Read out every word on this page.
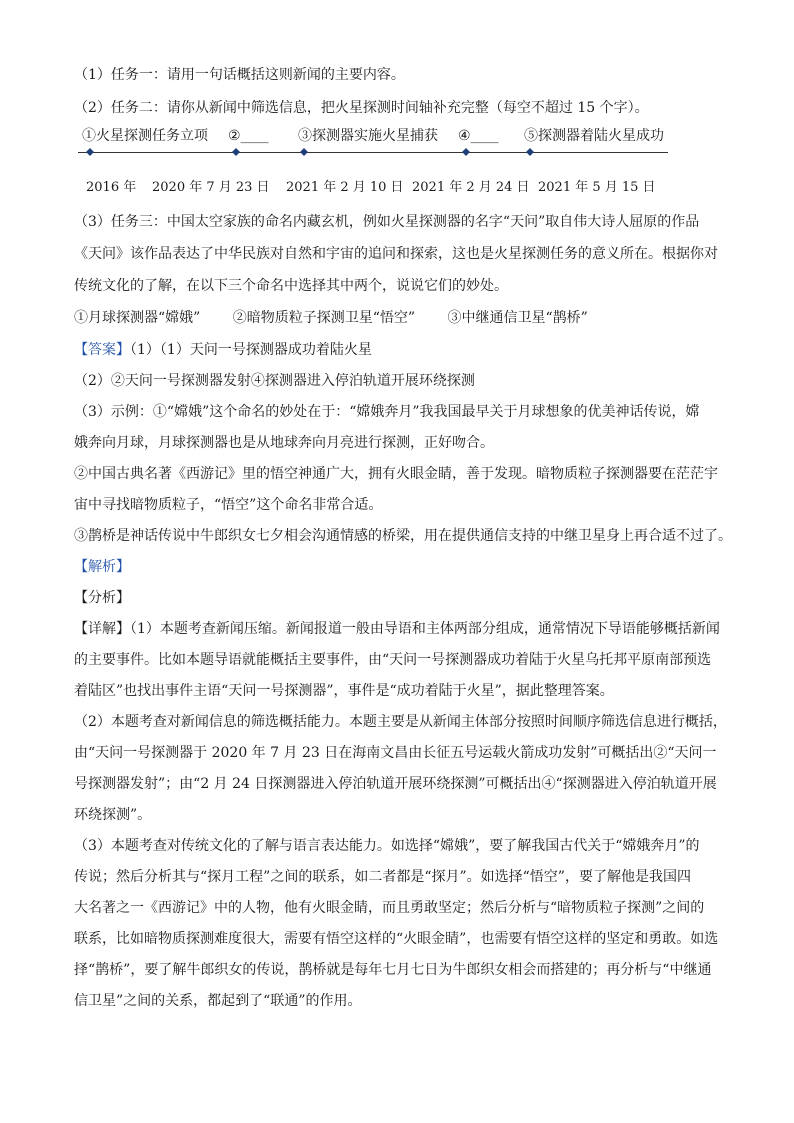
（1）任务一：请用一句话概括这则新闻的主要内容。
（2）任务二：请你从新闻中筛选信息，把火星探测时间轴补充完整（每空不超过 15 个字）。
①火星探测任务立项 ②____ ③探测器实施火星捕获 ④____ ⑤探测器着陆火星成功
2016 年 2020 年 7 月 23 日 2021 年 2 月 10 日 2021 年 2 月 24 日 2021 年 5 月 15 日
（3）任务三：中国太空家族的命名内藏玄机，例如火星探测器的名字“天问”取自伟大诗人屈原的作品
《天问》该作品表达了中华民族对自然和宇宙的追问和探索，这也是火星探测任务的意义所在。根据你对
传统文化的了解，在以下三个命名中选择其中两个，说说它们的妙处。
①月球探测器“嫦娥”　　 ②暗物质粒子探测卫星“悟空”　　 ③中继通信卫星“鹊桥”
【答案】（1）（1）天问一号探测器成功着陆火星
（2）②天问一号探测器发射④探测器进入停泊轨道开展环绕探测
（3）示例：①“嫦娥”这个命名的妙处在于：“嫦娥奔月”我我国最早关于月球想象的优美神话传说，嫦
娥奔向月球，月球探测器也是从地球奔向月亮进行探测，正好吻合。
②中国古典名著《西游记》里的悟空神通广大，拥有火眼金睛，善于发现。暗物质粒子探测器要在茫茫宇
宙中寻找暗物质粒子，“悟空”这个命名非常合适。
③鹊桥是神话传说中牛郎织女七夕相会沟通情感的桥梁，用在提供通信支持的中继卫星身上再合适不过了。
【解析】
【分析】
【详解】（1）本题考查新闻压缩。新闻报道一般由导语和主体两部分组成，通常情况下导语能够概括新闻
的主要事件。比如本题导语就能概括主要事件，由“天问一号探测器成功着陆于火星乌托邦平原南部预选
着陆区”也找出事件主语“天问一号探测器”，事件是“成功着陆于火星”，据此整理答案。
（2）本题考查对新闻信息的筛选概括能力。本题主要是从新闻主体部分按照时间顺序筛选信息进行概括，
由“天问一号探测器于 2020 年 7 月 23 日在海南文昌由长征五号运载火箭成功发射”可概括出②“天问一
号探测器发射”；由“2 月 24 日探测器进入停泊轨道开展环绕探测”可概括出④“探测器进入停泊轨道开展
环绕探测”。
（3）本题考查对传统文化的了解与语言表达能力。如选择“嫦娥”，要了解我国古代关于“嫦娥奔月”的
传说；然后分析其与“探月工程”之间的联系，如二者都是“探月”。如选择“悟空”，要了解他是我国四
大名著之一《西游记》中的人物，他有火眼金睛，而且勇敢坚定；然后分析与“暗物质粒子探测”之间的
联系，比如暗物质探测难度很大，需要有悟空这样的“火眼金睛”，也需要有悟空这样的坚定和勇敢。如选
择“鹊桥”，要了解牛郎织女的传说，鹊桥就是每年七月七日为牛郎织女相会而搭建的；再分析与“中继通
信卫星”之间的关系，都起到了“联通”的作用。
